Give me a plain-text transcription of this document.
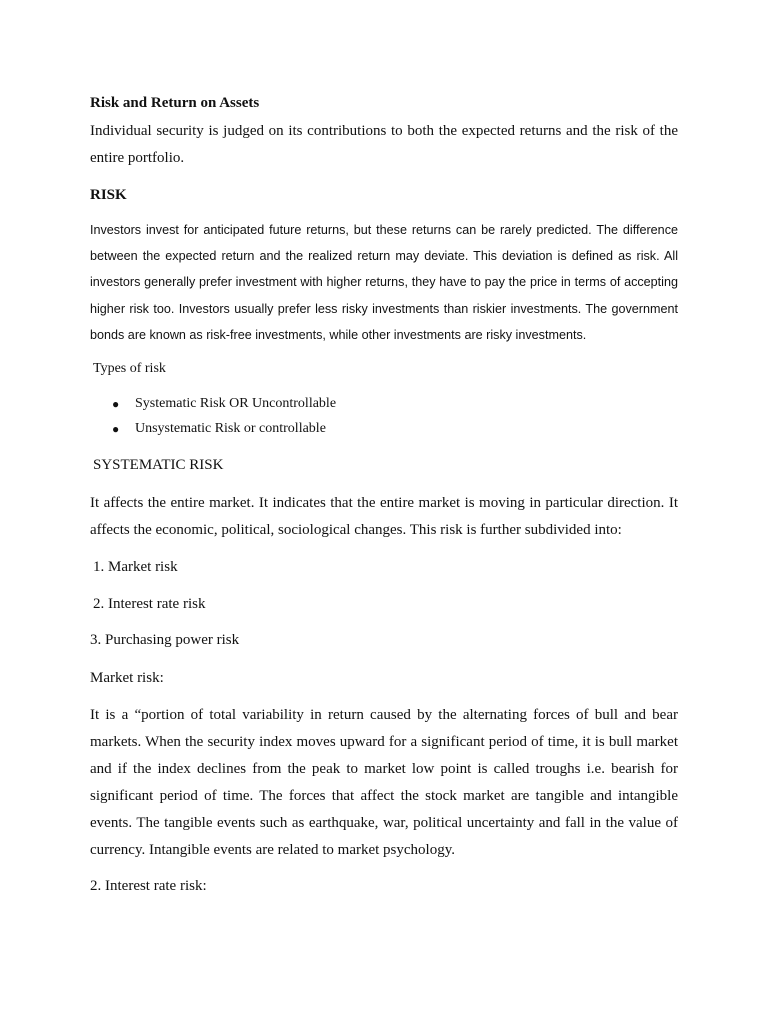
Risk and Return on Assets

Individual security is judged on its contributions to both the expected returns and the risk of the entire portfolio.

RISK

Investors invest for anticipated future returns, but these returns can be rarely predicted. The difference between the expected return and the realized return may deviate. This deviation is defined as risk. All investors generally prefer investment with higher returns, they have to pay the price in terms of accepting higher risk too. Investors usually prefer less risky investments than riskier investments. The government bonds are known as risk-free investments, while other investments are risky investments.

Types of risk

● Systematic Risk OR Uncontrollable
● Unsystematic Risk or controllable

SYSTEMATIC RISK

It affects the entire market. It indicates that the entire market is moving in particular direction. It affects the economic, political, sociological changes. This risk is further subdivided into:

1. Market risk

2. Interest rate risk

3. Purchasing power risk

Market risk:

It is a “portion of total variability in return caused by the alternating forces of bull and bear markets. When the security index moves upward for a significant period of time, it is bull market and if the index declines from the peak to market low point is called troughs i.e. bearish for significant period of time. The forces that affect the stock market are tangible and intangible events. The tangible events such as earthquake, war, political uncertainty and fall in the value of currency. Intangible events are related to market psychology.

2. Interest rate risk:
